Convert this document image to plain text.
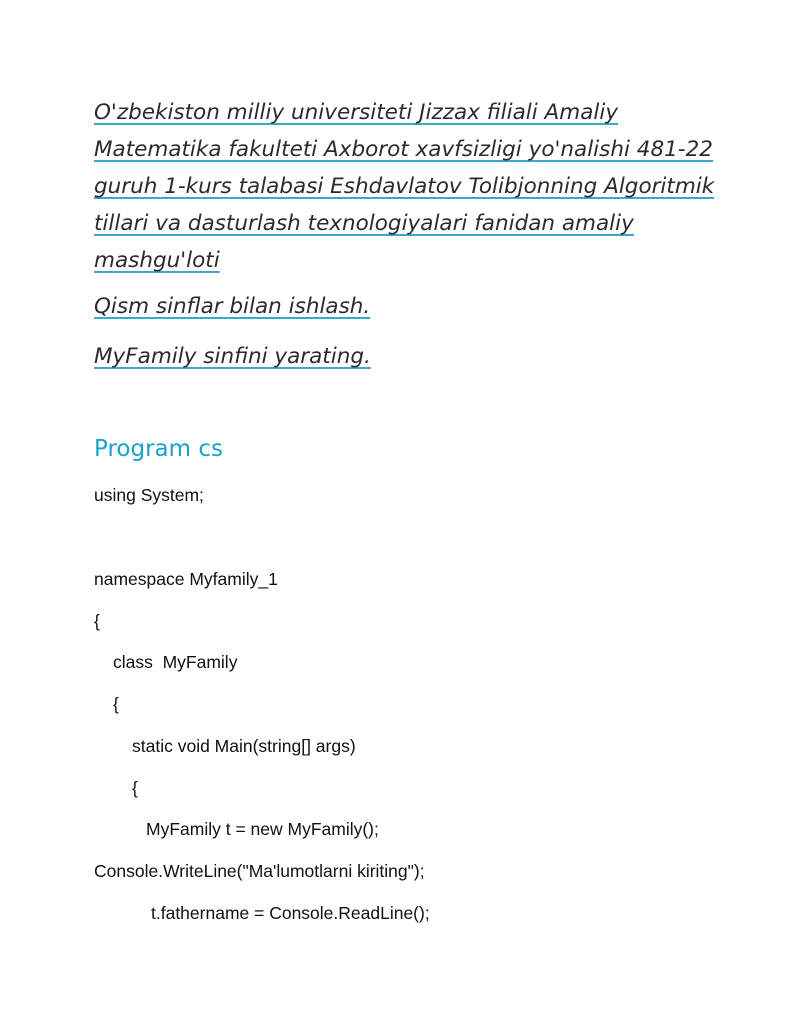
O'zbekiston milliy universiteti Jizzax filiali Amaliy
Matematika fakulteti Axborot xavfsizligi yo'nalishi 481-22
guruh 1-kurs talabasi Eshdavlatov Tolibjonning Algoritmik
tillari va dasturlash texnologiyalari fanidan amaliy
mashgu'loti
Qism sinflar bilan ishlash.
MyFamily sinfini yarating.
Program cs
using System;
namespace Myfamily_1
{
class  MyFamily
{
static void Main(string[] args)
{
MyFamily t = new MyFamily();
Console.WriteLine("Ma'lumotlarni kiriting");
t.fathername = Console.ReadLine();
